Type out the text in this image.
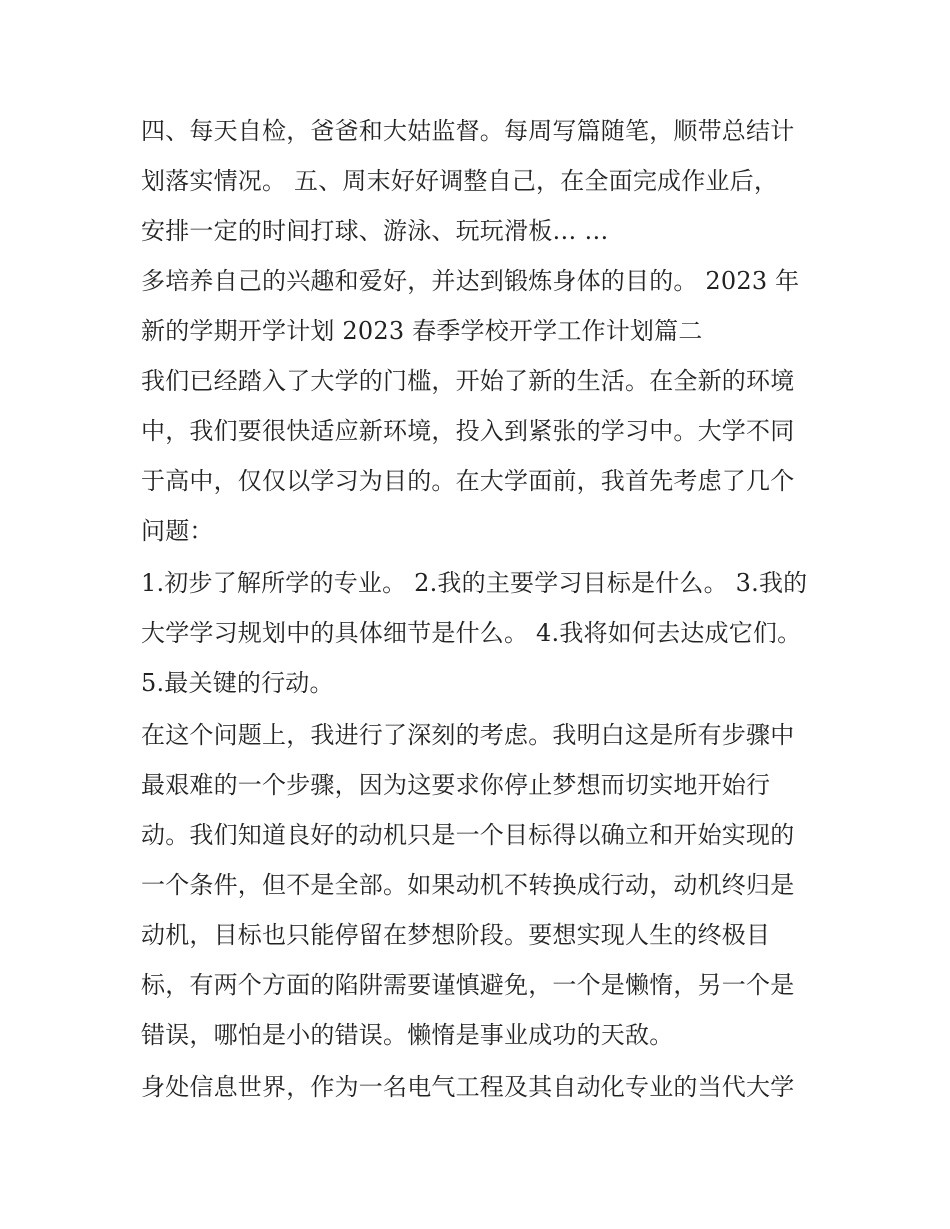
四、每天自检，爸爸和大姑监督。每周写篇随笔，顺带总结计
划落实情况。 五、周末好好调整自己，在全面完成作业后，
安排一定的时间打球、游泳、玩玩滑板… …
多培养自己的兴趣和爱好，并达到锻炼身体的目的。 2023 年
新的学期开学计划 2023 春季学校开学工作计划篇二
我们已经踏入了大学的门槛，开始了新的生活。在全新的环境
中，我们要很快适应新环境，投入到紧张的学习中。大学不同
于高中，仅仅以学习为目的。在大学面前，我首先考虑了几个
问题：
1.初步了解所学的专业。 2.我的主要学习目标是什么。 3.我的
大学学习规划中的具体细节是什么。 4.我将如何去达成它们。
5.最关键的行动。
在这个问题上，我进行了深刻的考虑。我明白这是所有步骤中
最艰难的一个步骤，因为这要求你停止梦想而切实地开始行
动。我们知道良好的动机只是一个目标得以确立和开始实现的
一个条件，但不是全部。如果动机不转换成行动，动机终归是
动机，目标也只能停留在梦想阶段。要想实现人生的终极目
标，有两个方面的陷阱需要谨慎避免，一个是懒惰，另一个是
错误，哪怕是小的错误。懒惰是事业成功的天敌。
身处信息世界，作为一名电气工程及其自动化专业的当代大学
